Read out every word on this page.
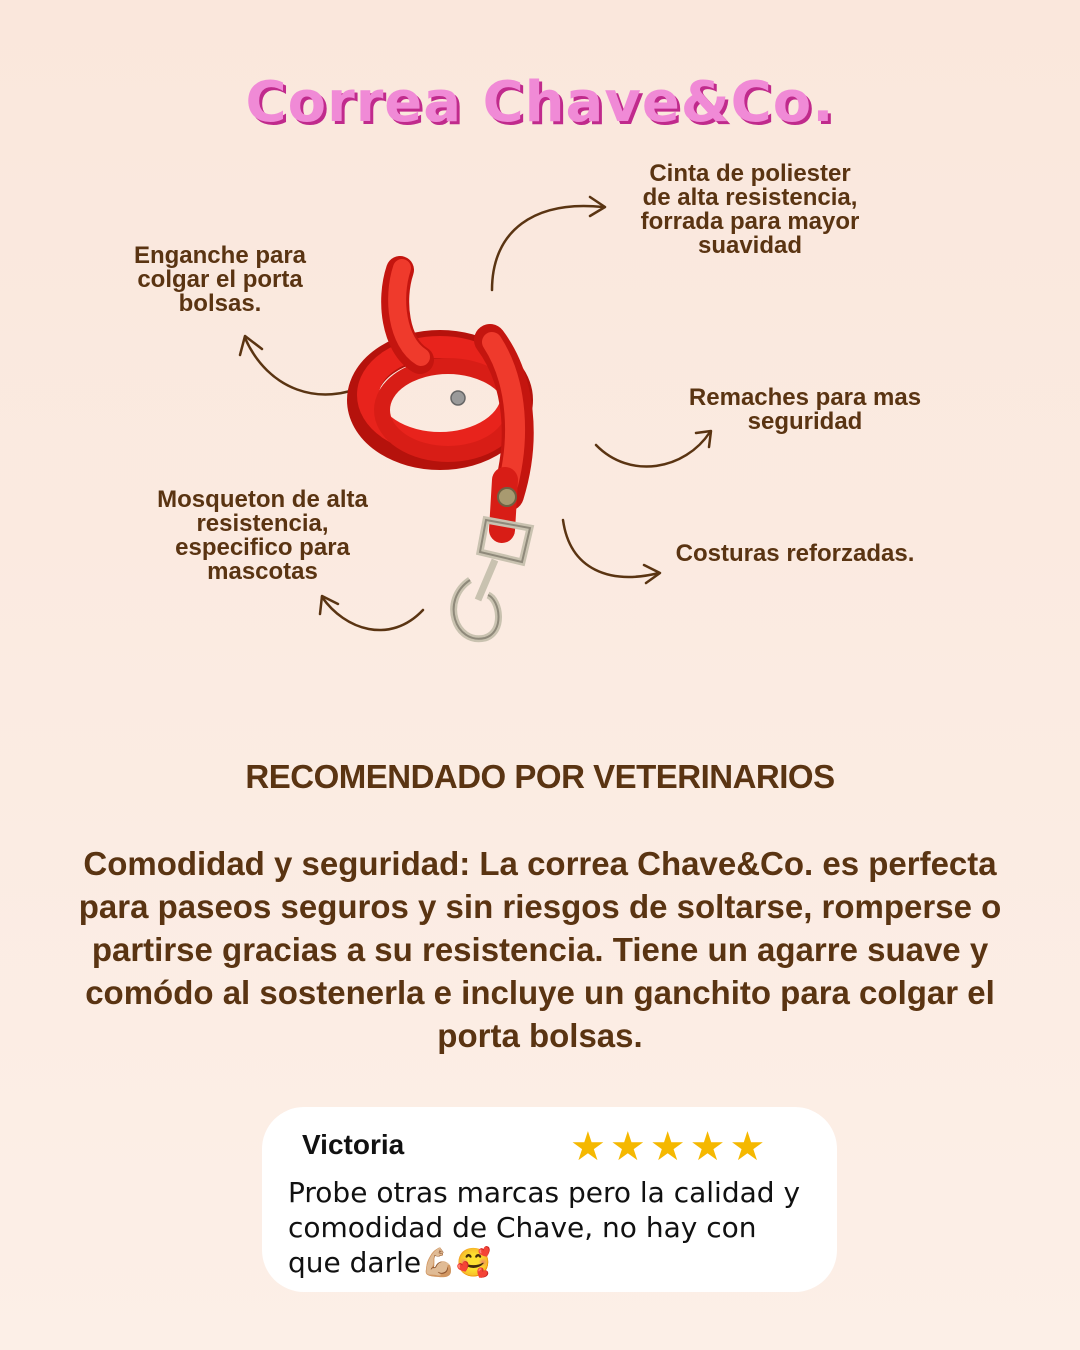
Correa Chave&Co.
Cinta de poliester
de alta resistencia,
forrada para mayor
suavidad
Enganche para
colgar el porta
bolsas.
Remaches para mas
seguridad
Mosqueton de alta
resistencia,
especifico para
mascotas
Costuras reforzadas.
RECOMENDADO POR VETERINARIOS
Comodidad y seguridad: La correa Chave&Co. es perfecta para paseos seguros y sin riesgos de soltarse, romperse o partirse gracias a su resistencia. Tiene un agarre suave y comódo al sostenerla e incluye un ganchito para colgar el porta bolsas.
Victoria	★★★★★
Probe otras marcas pero la calidad y comodidad de Chave, no hay con que darle💪🏼🥰
